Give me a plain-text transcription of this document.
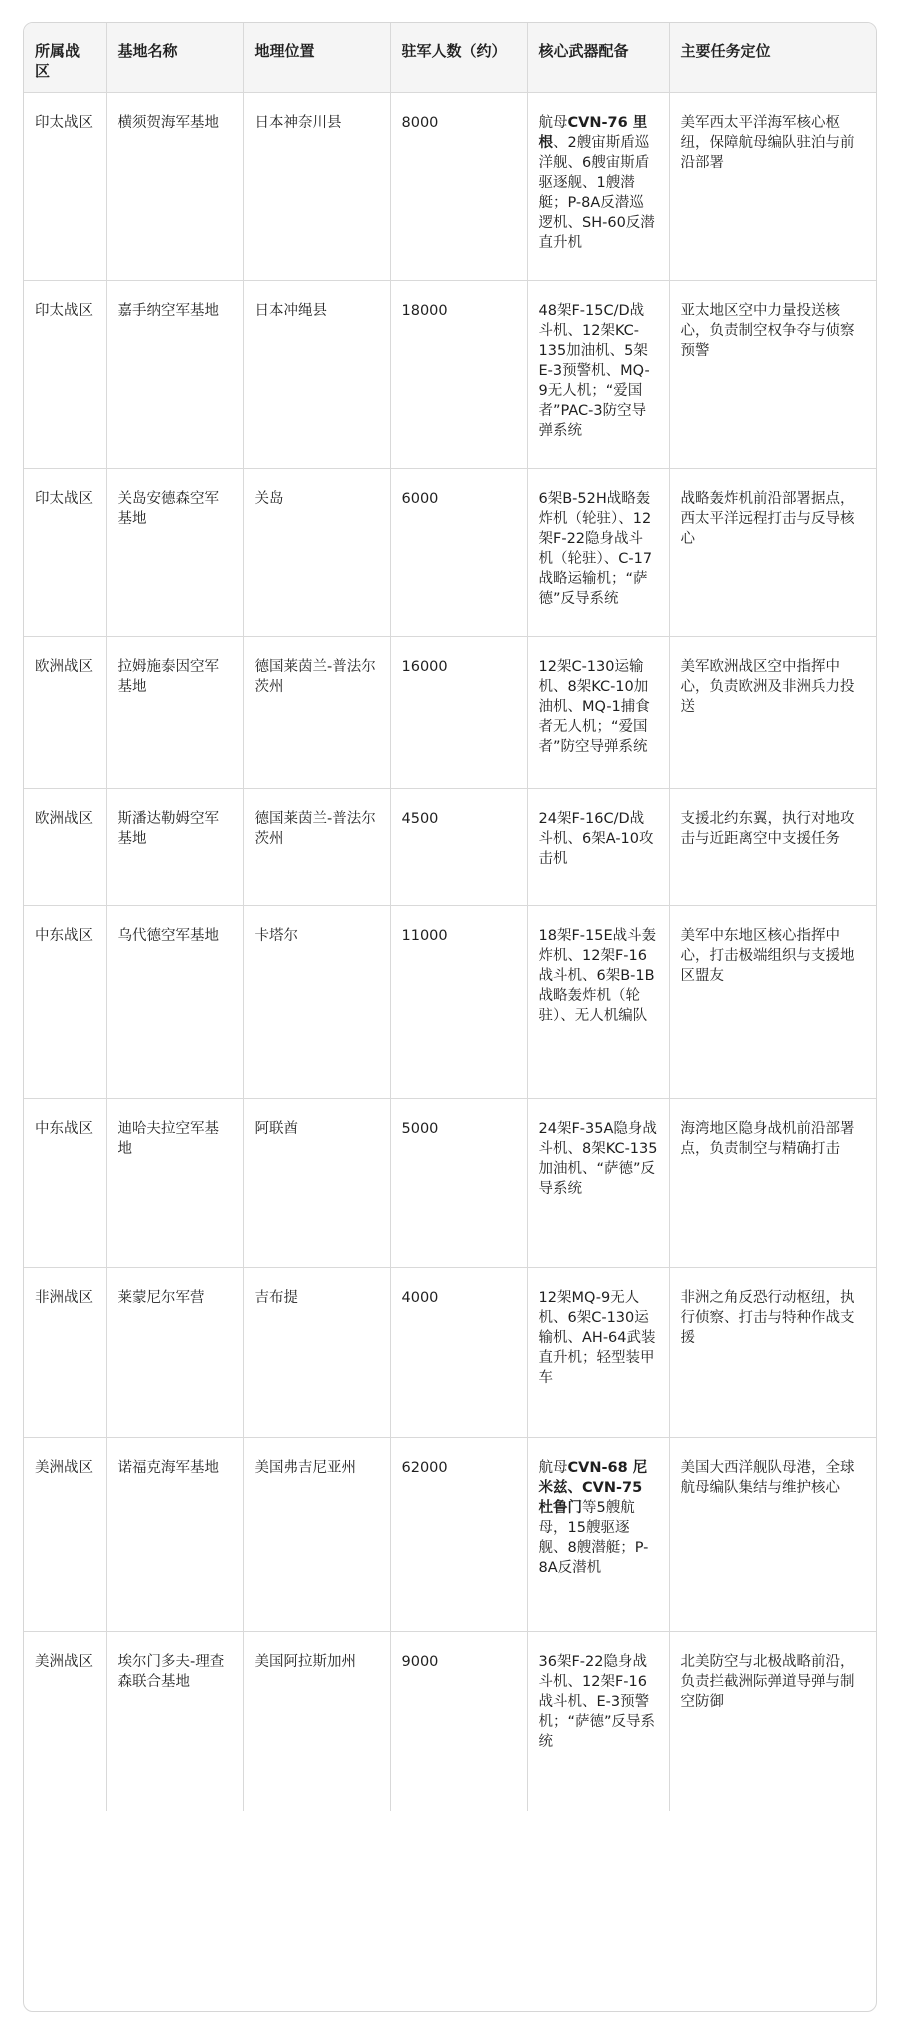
所属战区	基地名称	地理位置	驻军人数（约）	核心武器配备	主要任务定位
印太战区	横须贺海军基地	日本神奈川县	8000	航母CVN-76 里根、2艘宙斯盾巡洋舰、6艘宙斯盾驱逐舰、1艘潜艇；P-8A反潜巡逻机、SH-60反潜直升机	美军西太平洋海军核心枢纽，保障航母编队驻泊与前沿部署
印太战区	嘉手纳空军基地	日本冲绳县	18000	48架F-15C/D战斗机、12架KC-135加油机、5架E-3预警机、MQ-9无人机；“爱国者”PAC-3防空导弹系统	亚太地区空中力量投送核心，负责制空权争夺与侦察预警
印太战区	关岛安德森空军基地	关岛	6000	6架B-52H战略轰炸机（轮驻）、12架F-22隐身战斗机（轮驻）、C-17战略运输机；“萨德”反导系统	战略轰炸机前沿部署据点，西太平洋远程打击与反导核心
欧洲战区	拉姆施泰因空军基地	德国莱茵兰-普法尔茨州	16000	12架C-130运输机、8架KC-10加油机、MQ-1捕食者无人机；“爱国者”防空导弹系统	美军欧洲战区空中指挥中心，负责欧洲及非洲兵力投送
欧洲战区	斯潘达勒姆空军基地	德国莱茵兰-普法尔茨州	4500	24架F-16C/D战斗机、6架A-10攻击机	支援北约东翼，执行对地攻击与近距离空中支援任务
中东战区	乌代德空军基地	卡塔尔	11000	18架F-15E战斗轰炸机、12架F-16战斗机、6架B-1B战略轰炸机（轮驻）、无人机编队	美军中东地区核心指挥中心，打击极端组织与支援地区盟友
中东战区	迪哈夫拉空军基地	阿联酋	5000	24架F-35A隐身战斗机、8架KC-135加油机、“萨德”反导系统	海湾地区隐身战机前沿部署点，负责制空与精确打击
非洲战区	莱蒙尼尔军营	吉布提	4000	12架MQ-9无人机、6架C-130运输机、AH-64武装直升机；轻型装甲车	非洲之角反恐行动枢纽，执行侦察、打击与特种作战支援
美洲战区	诺福克海军基地	美国弗吉尼亚州	62000	航母CVN-68 尼米兹、CVN-75 杜鲁门等5艘航母，15艘驱逐舰、8艘潜艇；P-8A反潜机	美国大西洋舰队母港，全球航母编队集结与维护核心
美洲战区	埃尔门多夫-理查森联合基地	美国阿拉斯加州	9000	36架F-22隐身战斗机、12架F-16战斗机、E-3预警机；“萨德”反导系统	北美防空与北极战略前沿，负责拦截洲际弹道导弹与制空防御
